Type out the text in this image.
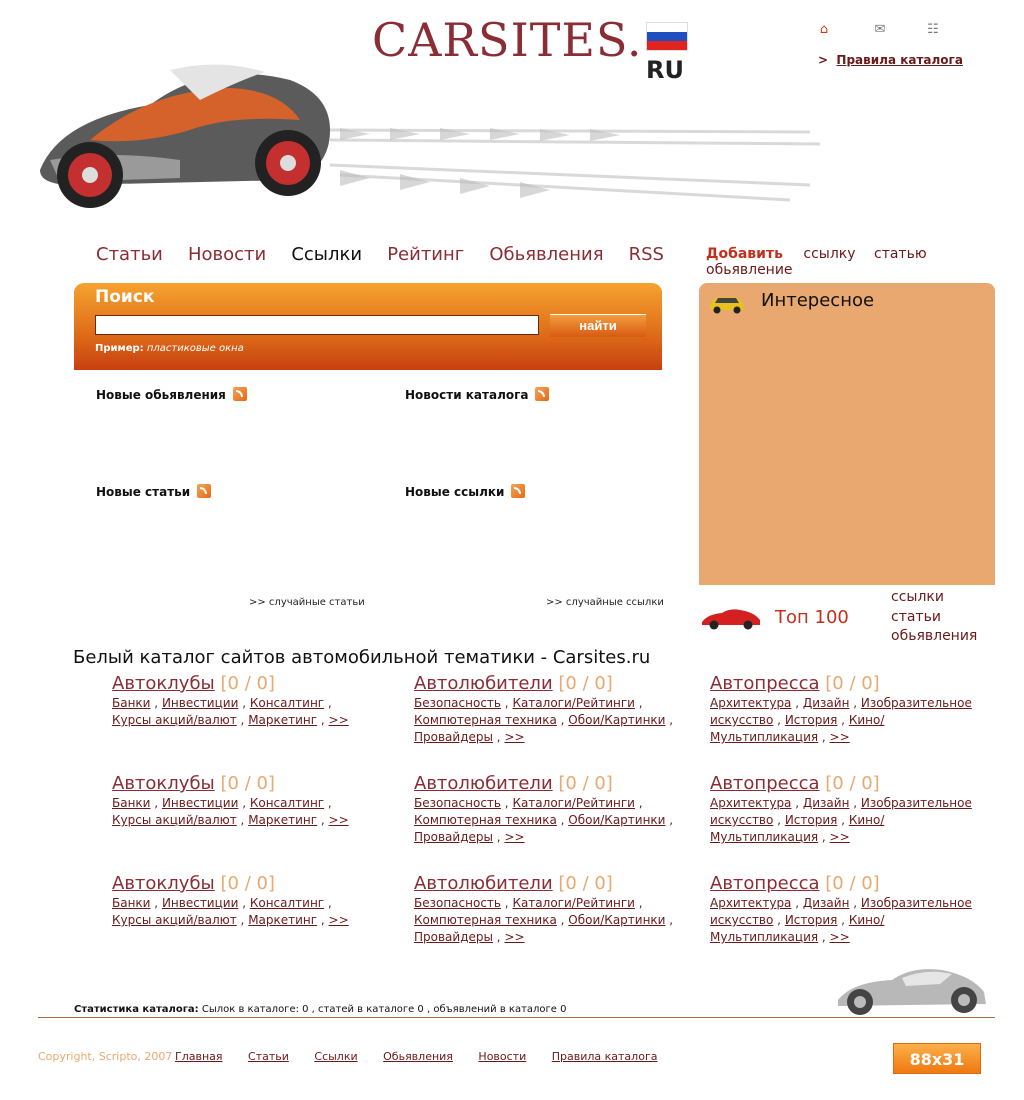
CARSITES.
RU
⌂	✉	☷
> Правила каталога
Статьи Новости Ссылки Рейтинг Обьявления RSS	Добавить ссылку статью обьявление
Поиск
найти
Пример: пластиковые окна
Новые обьявления	Новости каталога
Новые статьи	Новые ссылки
>> случайные статьи	>> случайные ссылки
Интересное
Топ 100
ссылки
статьи
обьявления
Белый каталог сайтов автомобильной тематики - Carsites.ru
Автоклубы [0 / 0]
Банки , Инвестиции , Консалтинг , Курсы акций/валют , Маркетинг , >>
Автолюбители [0 / 0]
Безопасность , Каталоги/Рейтинги , Компютерная техника , Обои/Картинки , Провайдеры , >>
Автопресса [0 / 0]
Архитектура , Дизайн , Изобразительное искусство , История , Кино/Мультипликация , >>
Автоклубы [0 / 0]
Банки , Инвестиции , Консалтинг , Курсы акций/валют , Маркетинг , >>
Автолюбители [0 / 0]
Безопасность , Каталоги/Рейтинги , Компютерная техника , Обои/Картинки , Провайдеры , >>
Автопресса [0 / 0]
Архитектура , Дизайн , Изобразительное искусство , История , Кино/Мультипликация , >>
Автоклубы [0 / 0]
Банки , Инвестиции , Консалтинг , Курсы акций/валют , Маркетинг , >>
Автолюбители [0 / 0]
Безопасность , Каталоги/Рейтинги , Компютерная техника , Обои/Картинки , Провайдеры , >>
Автопресса [0 / 0]
Архитектура , Дизайн , Изобразительное искусство , История , Кино/Мультипликация , >>
Статистика каталога: Сылок в каталоге: 0 , статей в каталоге 0 , объявлений в каталоге 0
Copyright, Scripto, 2007 Главная Статьи Ссылки Обьявления Новости Правила каталога	88x31
